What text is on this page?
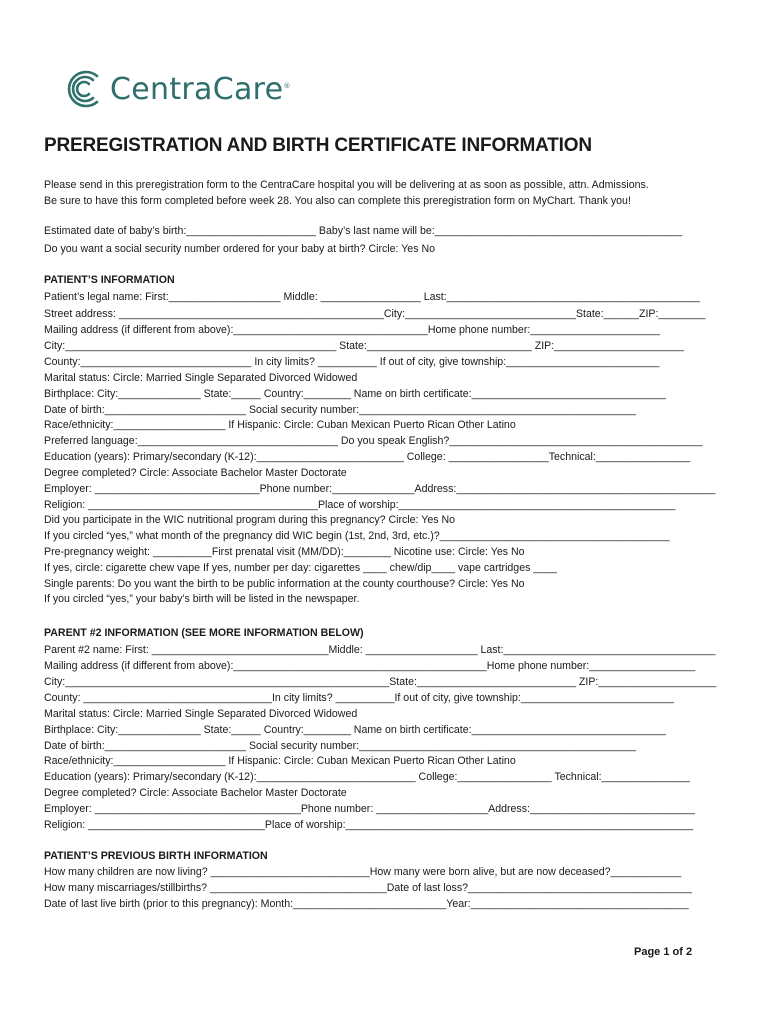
CentraCare®
PREREGISTRATION AND BIRTH CERTIFICATE INFORMATION
Please send in this preregistration form to the CentraCare hospital you will be delivering at as soon as possible, attn. Admissions.
Be sure to have this form completed before week 28. You also can complete this preregistration form on MyChart. Thank you!
Estimated date of baby’s birth:______________________ Baby’s last name will be:__________________________________________
Do you want a social security number ordered for your baby at birth? Circle: Yes No
PATIENT’S INFORMATION
Patient’s legal name: First:___________________ Middle: _________________ Last:___________________________________________
Street address: _____________________________________________City:_____________________________State:______ZIP:________
Mailing address (if different from above):_________________________________Home phone number:______________________
City:______________________________________________ State:____________________________ ZIP:______________________
County:_____________________________ In city limits? __________ If out of city, give township:__________________________
Marital status: Circle: Married Single Separated Divorced Widowed
Birthplace: City:______________ State:_____ Country:________ Name on birth certificate:_________________________________
Date of birth:________________________ Social security number:_______________________________________________
Race/ethnicity:___________________ If Hispanic: Circle: Cuban Mexican Puerto Rican Other Latino
Preferred language:__________________________________ Do you speak English?___________________________________________
Education (years): Primary/secondary (K-12):_________________________ College: _________________Technical:________________
Degree completed? Circle: Associate Bachelor Master Doctorate
Employer: ____________________________Phone number:______________Address:____________________________________________
Religion: _______________________________________Place of worship:_______________________________________________
Did you participate in the WIC nutritional program during this pregnancy? Circle: Yes No
If you circled “yes,” what month of the pregnancy did WIC begin (1st, 2nd, 3rd, etc.)?_______________________________________
Pre-pregnancy weight: __________First prenatal visit (MM/DD):________ Nicotine use: Circle: Yes No
If yes, circle: cigarette chew vape If yes, number per day: cigarettes ____ chew/dip____ vape cartridges ____
Single parents: Do you want the birth to be public information at the county courthouse? Circle: Yes No
If you circled “yes,” your baby’s birth will be listed in the newspaper.
PARENT #2 INFORMATION (SEE MORE INFORMATION BELOW)
Parent #2 name: First: ______________________________Middle: ___________________ Last:____________________________________
Mailing address (if different from above):___________________________________________Home phone number:__________________
City:_______________________________________________________State:___________________________ ZIP:____________________
County: ________________________________In city limits? __________If out of city, give township:__________________________
Marital status: Circle: Married Single Separated Divorced Widowed
Birthplace: City:______________ State:_____ Country:________ Name on birth certificate:_________________________________
Date of birth:________________________ Social security number:_______________________________________________
Race/ethnicity:___________________ If Hispanic: Circle: Cuban Mexican Puerto Rican Other Latino
Education (years): Primary/secondary (K-12):___________________________ College:________________ Technical:_______________
Degree completed? Circle: Associate Bachelor Master Doctorate
Employer: ___________________________________Phone number: ___________________Address:____________________________
Religion: ______________________________Place of worship:___________________________________________________________
PATIENT’S PREVIOUS BIRTH INFORMATION
How many children are now living? ___________________________How many were born alive, but are now deceased?____________
How many miscarriages/stillbirths? ______________________________Date of last loss?______________________________________
Date of last live birth (prior to this pregnancy): Month:__________________________Year:_____________________________________
Page 1 of 2
